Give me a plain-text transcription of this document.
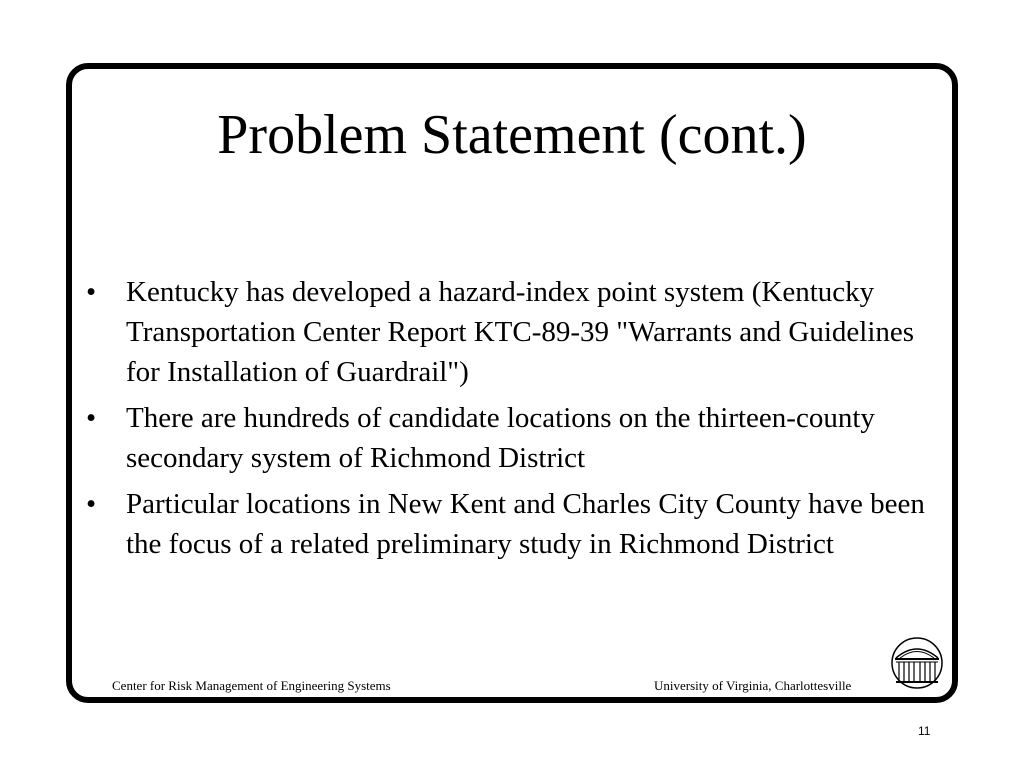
Problem Statement (cont.)
•	Kentucky has developed a hazard-index point system (Kentucky Transportation Center Report KTC-89-39 "Warrants and Guidelines for Installation of Guardrail")
•	There are hundreds of candidate locations on the thirteen-county secondary system of Richmond District
•	Particular locations in New Kent and Charles City County have been the focus of a related preliminary study in Richmond District
Center for Risk Management of Engineering Systems	University of Virginia, Charlottesville
11
